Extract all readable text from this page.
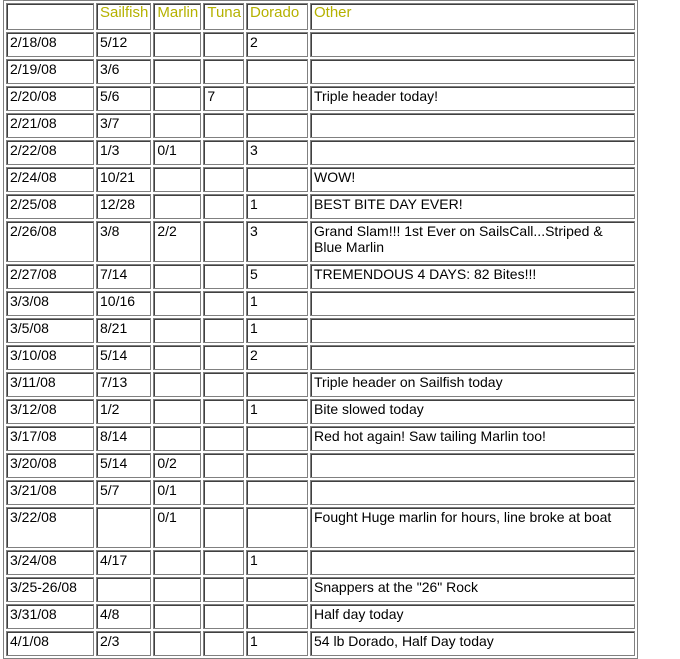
	Sailfish	Marlin	Tuna	Dorado	Other
2/18/08	5/12			2	
2/19/08	3/6				
2/20/08	5/6		7		Triple header today!
2/21/08	3/7				
2/22/08	1/3	0/1		3	
2/24/08	10/21				WOW!
2/25/08	12/28			1	BEST BITE DAY EVER!
2/26/08	3/8	2/2		3	Grand Slam!!! 1st Ever on SailsCall...Striped & Blue Marlin
2/27/08	7/14			5	TREMENDOUS 4 DAYS: 82 Bites!!!
3/3/08	10/16			1	
3/5/08	8/21			1	
3/10/08	5/14			2	
3/11/08	7/13				Triple header on Sailfish today
3/12/08	1/2			1	Bite slowed today
3/17/08	8/14				Red hot again! Saw tailing Marlin too!
3/20/08	5/14	0/2			
3/21/08	5/7	0/1			
3/22/08		0/1			Fought Huge marlin for hours, line broke at boat
3/24/08	4/17			1	
3/25-26/08					Snappers at the "26" Rock
3/31/08	4/8				Half day today
4/1/08	2/3			1	54 lb Dorado, Half Day today
